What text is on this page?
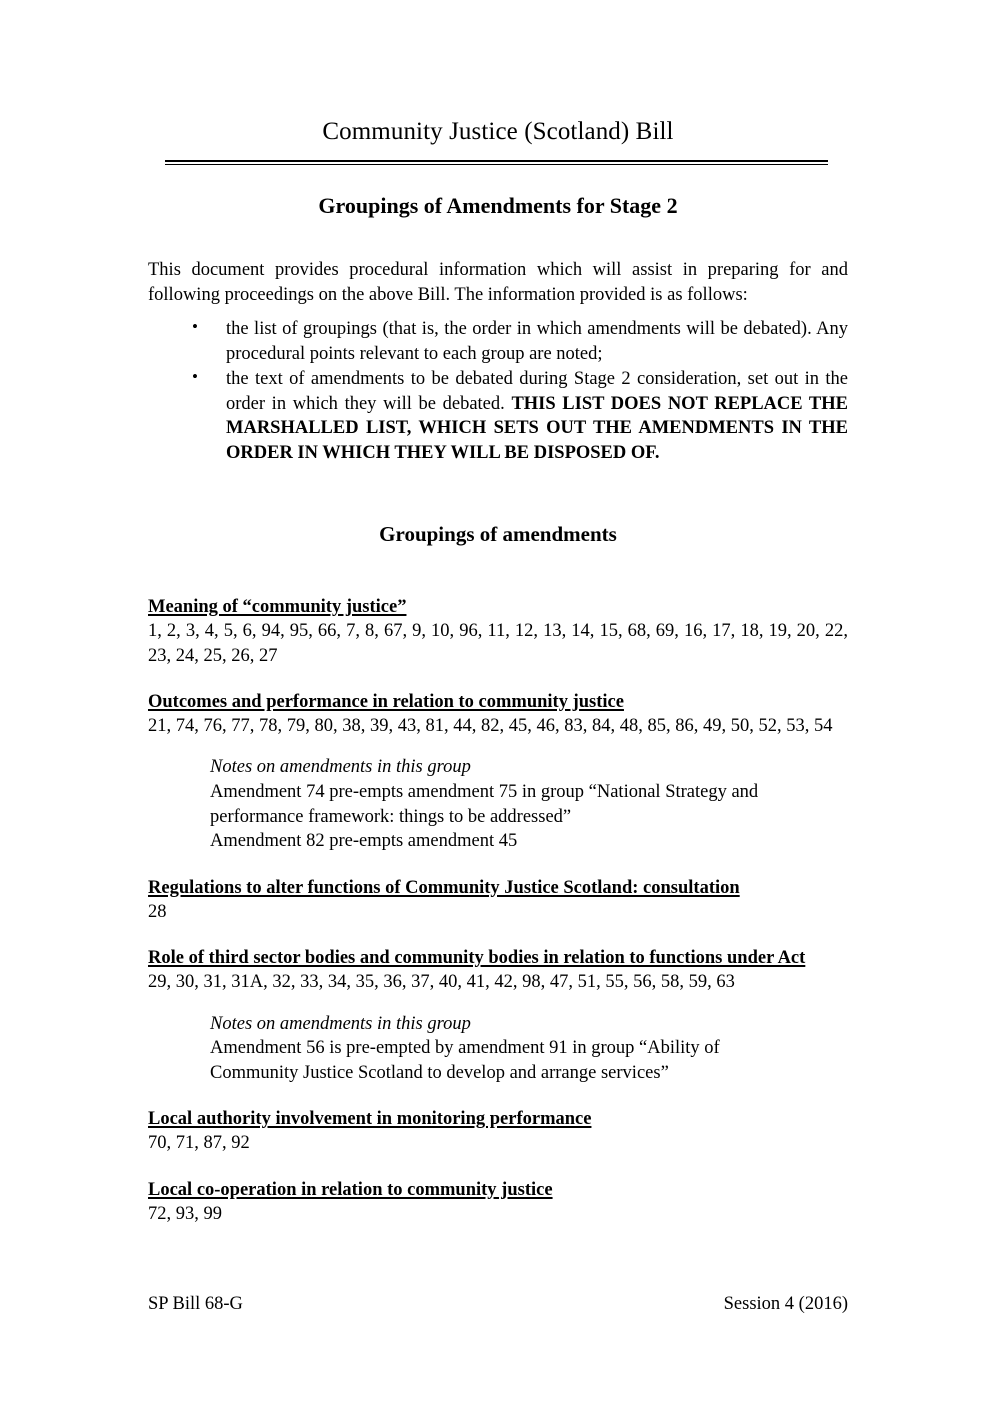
Community Justice (Scotland) Bill
Groupings of Amendments for Stage 2

This document provides procedural information which will assist in preparing for and following proceedings on the above Bill. The information provided is as follows:

• the list of groupings (that is, the order in which amendments will be debated). Any procedural points relevant to each group are noted;
• the text of amendments to be debated during Stage 2 consideration, set out in the order in which they will be debated. THIS LIST DOES NOT REPLACE THE MARSHALLED LIST, WHICH SETS OUT THE AMENDMENTS IN THE ORDER IN WHICH THEY WILL BE DISPOSED OF.
Groupings of amendments
Meaning of “community justice”
1, 2, 3, 4, 5, 6, 94, 95, 66, 7, 8, 67, 9, 10, 96, 11, 12, 13, 14, 15, 68, 69, 16, 17, 18, 19, 20, 22, 23, 24, 25, 26, 27
Outcomes and performance in relation to community justice
21, 74, 76, 77, 78, 79, 80, 38, 39, 43, 81, 44, 82, 45, 46, 83, 84, 48, 85, 86, 49, 50, 52, 53, 54
Notes on amendments in this group
Amendment 74 pre-empts amendment 75 in group “National Strategy and performance framework: things to be addressed”
Amendment 82 pre-empts amendment 45
Regulations to alter functions of Community Justice Scotland: consultation
28
Role of third sector bodies and community bodies in relation to functions under Act
29, 30, 31, 31A, 32, 33, 34, 35, 36, 37, 40, 41, 42, 98, 47, 51, 55, 56, 58, 59, 63
Notes on amendments in this group
Amendment 56 is pre-empted by amendment 91 in group “Ability of Community Justice Scotland to develop and arrange services”
Local authority involvement in monitoring performance
70, 71, 87, 92
Local co-operation in relation to community justice
72, 93, 99
SP Bill 68-G	Session 4 (2016)
